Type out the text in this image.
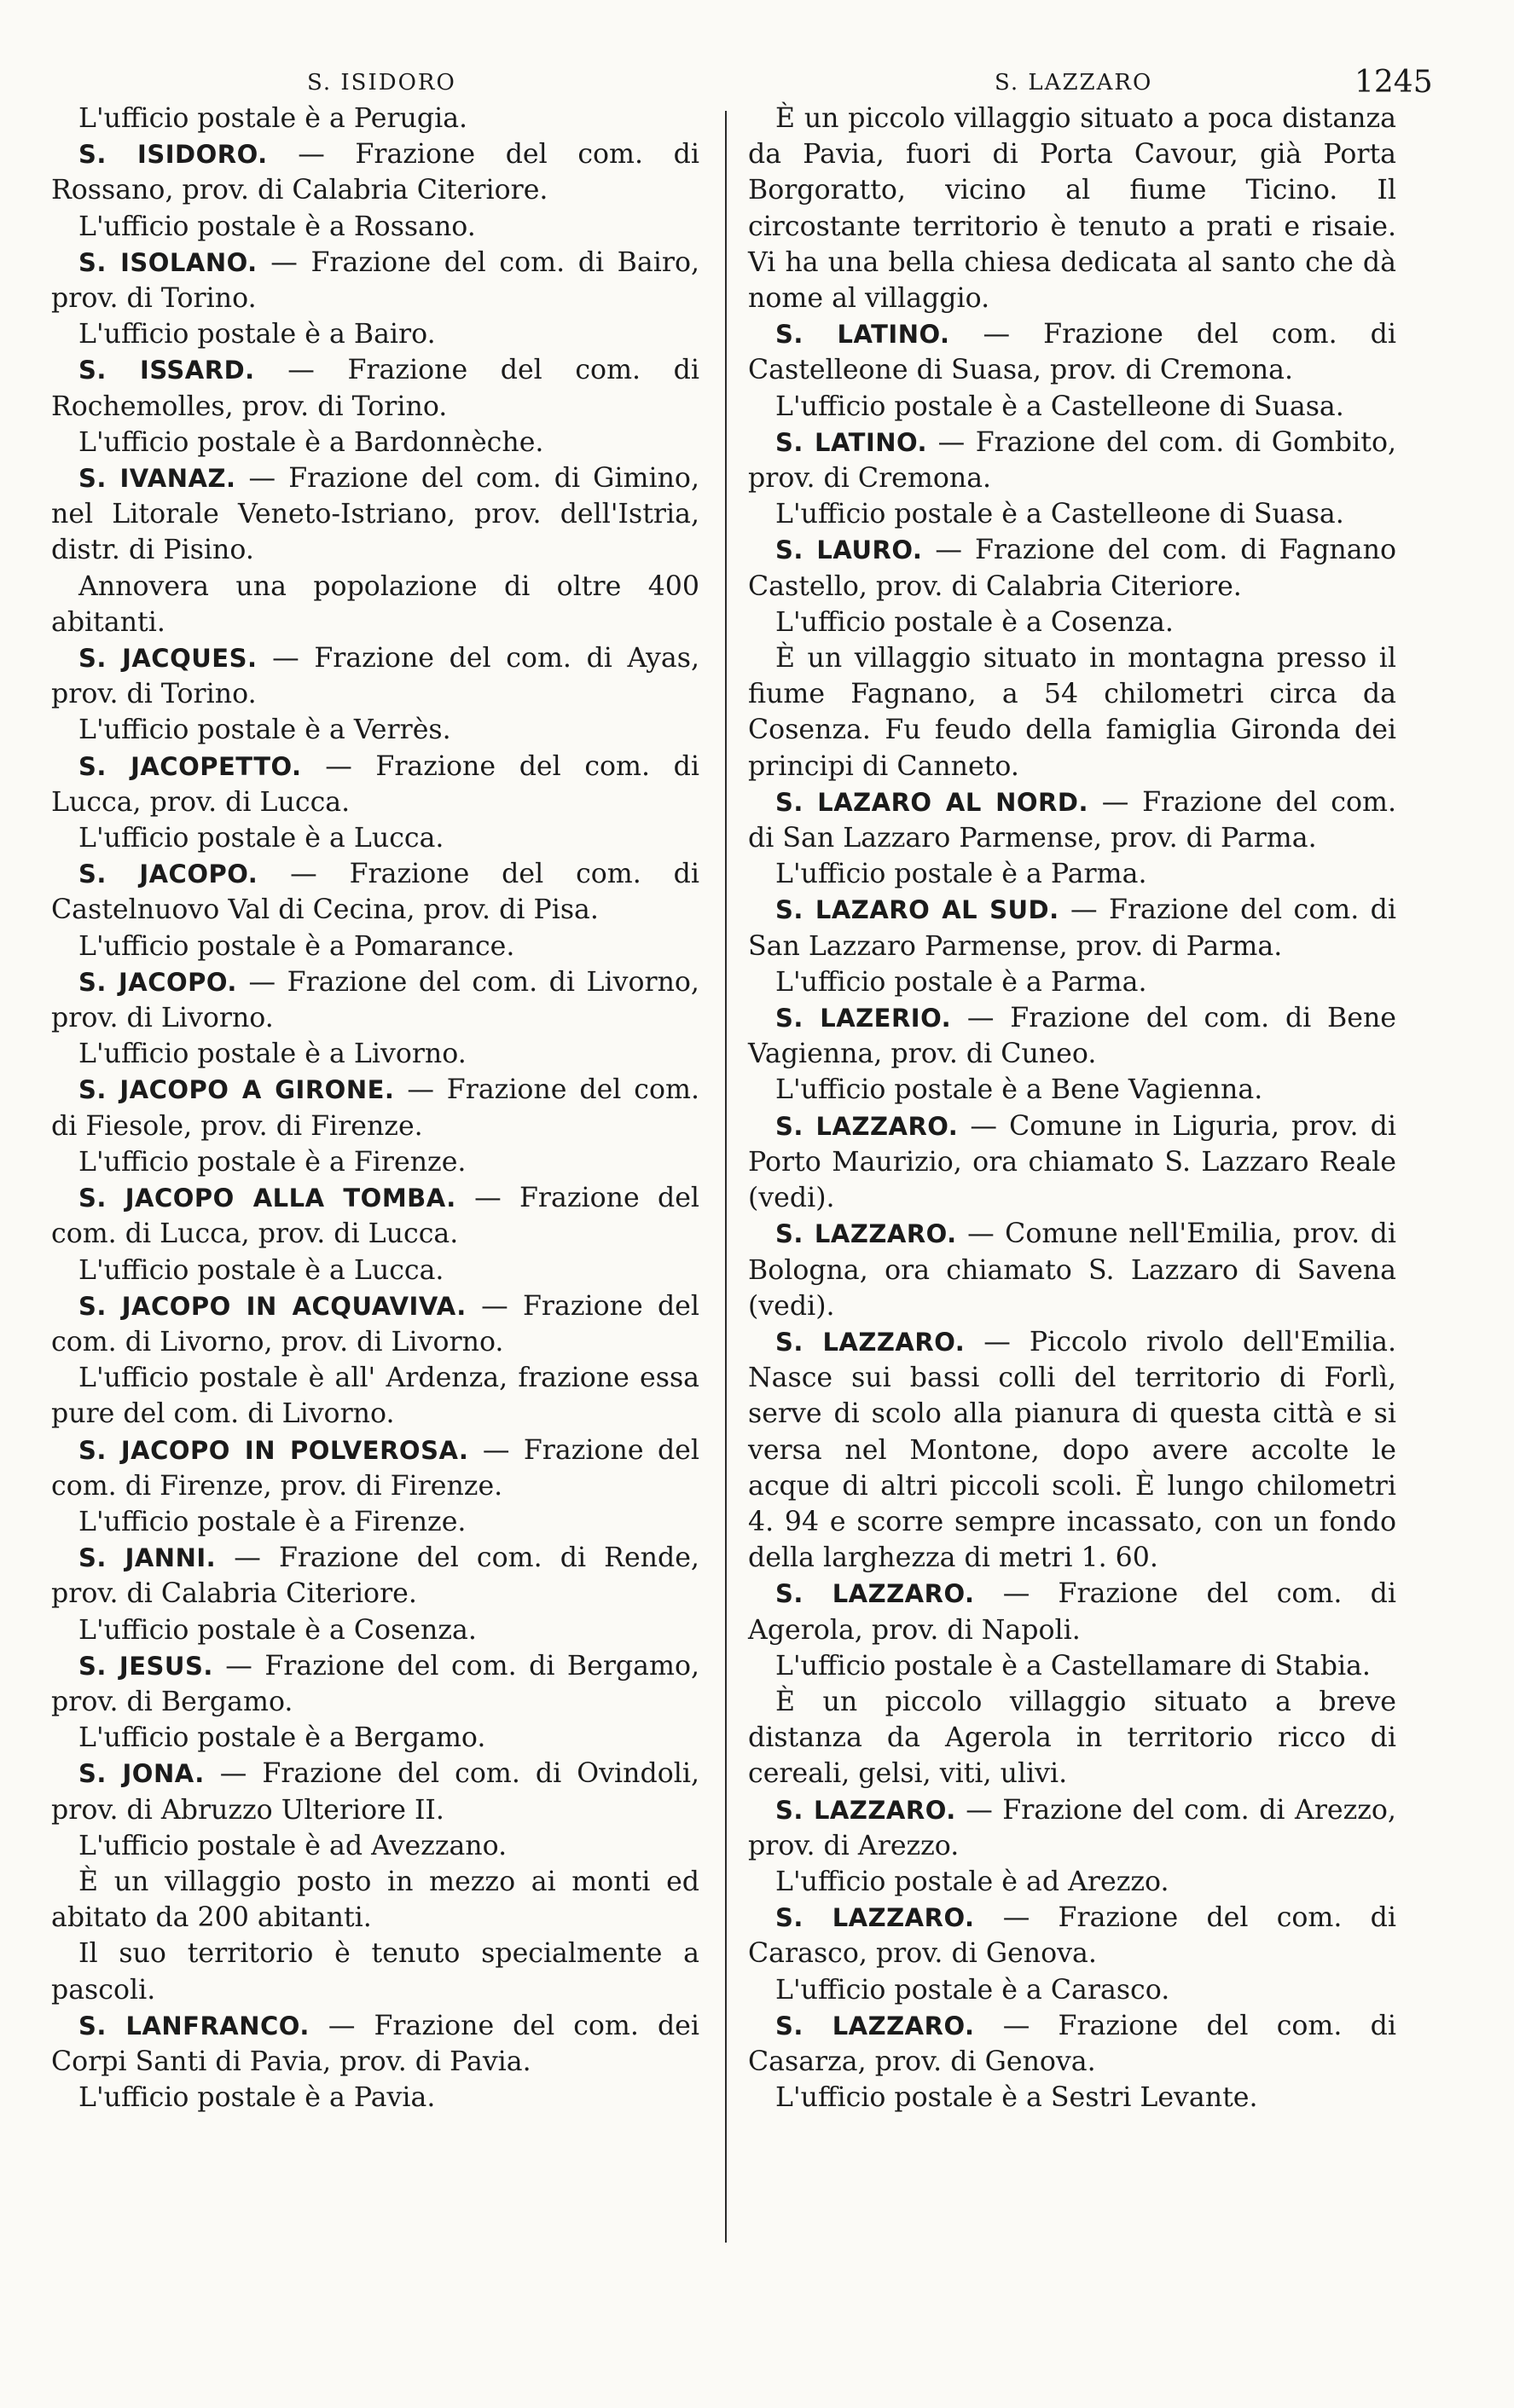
S. ISIDORO	S. LAZZARO	1245

L'ufficio postale è a Perugia.

S. ISIDORO. — Frazione del com. di Rossano, prov. di Calabria Citeriore.

L'ufficio postale è a Rossano.

S. ISOLANO. — Frazione del com. di Bairo, prov. di Torino.

L'ufficio postale è a Bairo.

S. ISSARD. — Frazione del com. di Rochemolles, prov. di Torino.

L'ufficio postale è a Bardonnèche.

S. IVANAZ. — Frazione del com. di Gimino, nel Litorale Veneto-Istriano, prov. dell'Istria, distr. di Pisino.

Annovera una popolazione di oltre 400 abitanti.

S. JACQUES. — Frazione del com. di Ayas, prov. di Torino.

L'ufficio postale è a Verrès.

S. JACOPETTO. — Frazione del com. di Lucca, prov. di Lucca.

L'ufficio postale è a Lucca.

S. JACOPO. — Frazione del com. di Castelnuovo Val di Cecina, prov. di Pisa.

L'ufficio postale è a Pomarance.

S. JACOPO. — Frazione del com. di Livorno, prov. di Livorno.

L'ufficio postale è a Livorno.

S. JACOPO A GIRONE. — Frazione del com. di Fiesole, prov. di Firenze.

L'ufficio postale è a Firenze.

S. JACOPO ALLA TOMBA. — Frazione del com. di Lucca, prov. di Lucca.

L'ufficio postale è a Lucca.

S. JACOPO IN ACQUAVIVA. — Frazione del com. di Livorno, prov. di Livorno.

L'ufficio postale è all' Ardenza, frazione essa pure del com. di Livorno.

S. JACOPO IN POLVEROSA. — Frazione del com. di Firenze, prov. di Firenze.

L'ufficio postale è a Firenze.

S. JANNI. — Frazione del com. di Rende, prov. di Calabria Citeriore.

L'ufficio postale è a Cosenza.

S. JESUS. — Frazione del com. di Bergamo, prov. di Bergamo.

L'ufficio postale è a Bergamo.

S. JONA. — Frazione del com. di Ovindoli, prov. di Abruzzo Ulteriore II.

L'ufficio postale è ad Avezzano.

È un villaggio posto in mezzo ai monti ed abitato da 200 abitanti.

Il suo territorio è tenuto specialmente a pascoli.

S. LANFRANCO. — Frazione del com. dei Corpi Santi di Pavia, prov. di Pavia.

L'ufficio postale è a Pavia.

È un piccolo villaggio situato a poca distanza da Pavia, fuori di Porta Cavour, già Porta Borgoratto, vicino al fiume Ticino. Il circostante territorio è tenuto a prati e risaie. Vi ha una bella chiesa dedicata al santo che dà nome al villaggio.

S. LATINO. — Frazione del com. di Castelleone di Suasa, prov. di Cremona.

L'ufficio postale è a Castelleone di Suasa.

S. LATINO. — Frazione del com. di Gombito, prov. di Cremona.

L'ufficio postale è a Castelleone di Suasa.

S. LAURO. — Frazione del com. di Fagnano Castello, prov. di Calabria Citeriore.

L'ufficio postale è a Cosenza.

È un villaggio situato in montagna presso il fiume Fagnano, a 54 chilometri circa da Cosenza. Fu feudo della famiglia Gironda dei principi di Canneto.

S. LAZARO AL NORD. — Frazione del com. di San Lazzaro Parmense, prov. di Parma.

L'ufficio postale è a Parma.

S. LAZARO AL SUD. — Frazione del com. di San Lazzaro Parmense, prov. di Parma.

L'ufficio postale è a Parma.

S. LAZERIO. — Frazione del com. di Bene Vagienna, prov. di Cuneo.

L'ufficio postale è a Bene Vagienna.

S. LAZZARO. — Comune in Liguria, prov. di Porto Maurizio, ora chiamato S. Lazzaro Reale (vedi).

S. LAZZARO. — Comune nell'Emilia, prov. di Bologna, ora chiamato S. Lazzaro di Savena (vedi).

S. LAZZARO. — Piccolo rivolo dell'Emilia. Nasce sui bassi colli del territorio di Forlì, serve di scolo alla pianura di questa città e si versa nel Montone, dopo avere accolte le acque di altri piccoli scoli. È lungo chilometri 4. 94 e scorre sempre incassato, con un fondo della larghezza di metri 1. 60.

S. LAZZARO. — Frazione del com. di Agerola, prov. di Napoli.

L'ufficio postale è a Castellamare di Stabia.

È un piccolo villaggio situato a breve distanza da Agerola in territorio ricco di cereali, gelsi, viti, ulivi.

S. LAZZARO. — Frazione del com. di Arezzo, prov. di Arezzo.

L'ufficio postale è ad Arezzo.

S. LAZZARO. — Frazione del com. di Carasco, prov. di Genova.

L'ufficio postale è a Carasco.

S. LAZZARO. — Frazione del com. di Casarza, prov. di Genova.

L'ufficio postale è a Sestri Levante.
